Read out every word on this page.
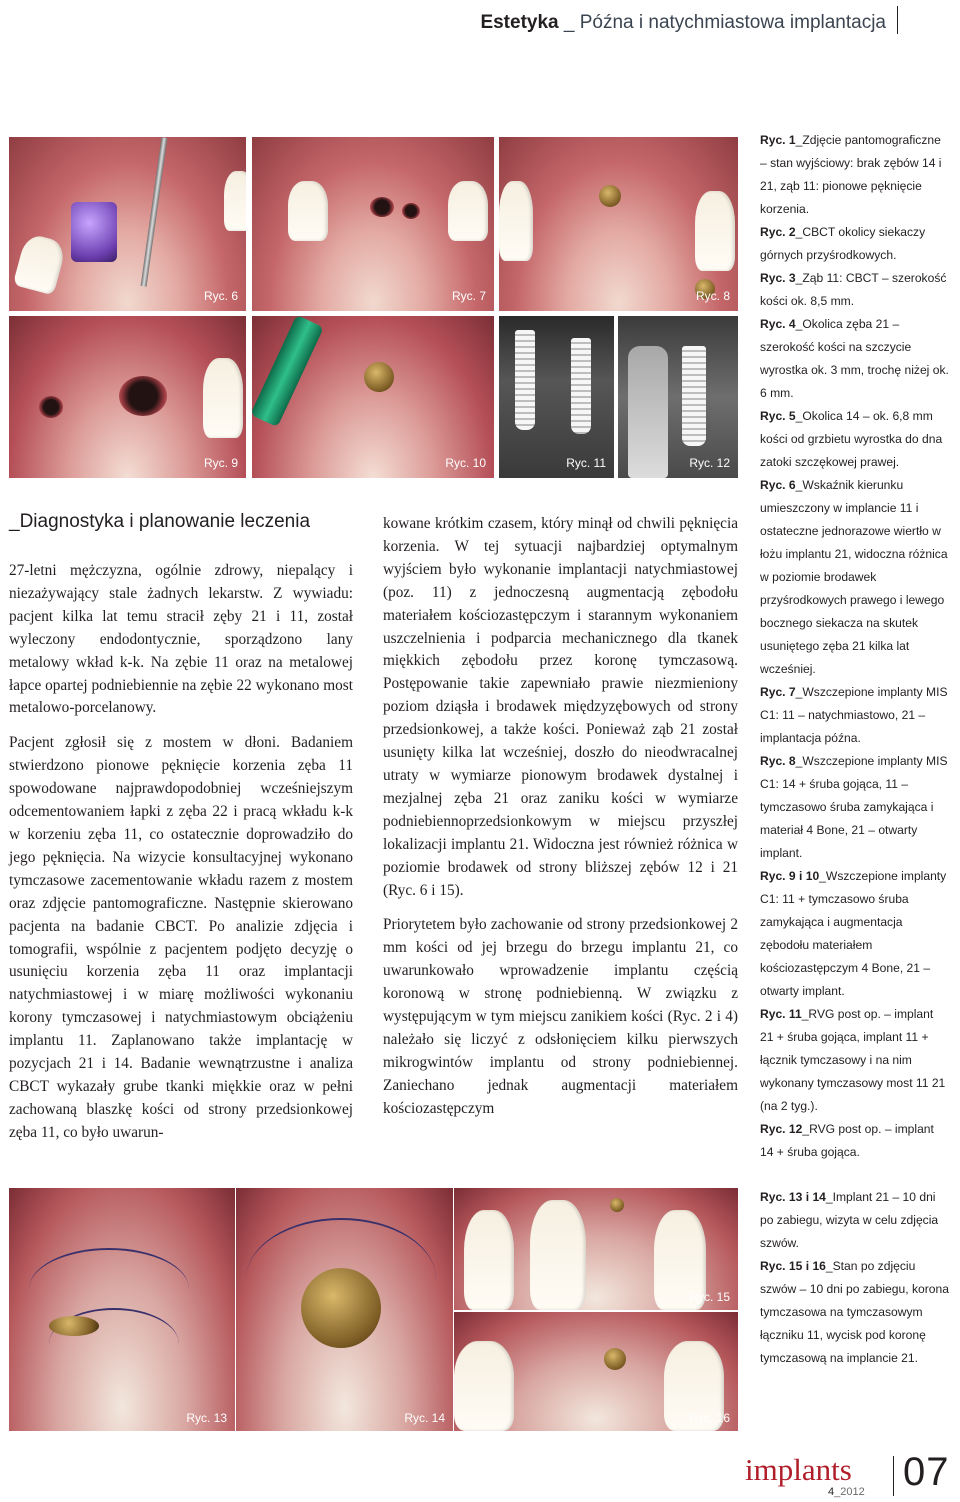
Estetyka _ Późna i natychmiastowa implantacja
Ryc. 6	Ryc. 7	Ryc. 8
Ryc. 9	Ryc. 10	Ryc. 11	Ryc. 12

Ryc. 1_Zdjęcie pantomograficzne – stan wyjściowy: brak zębów 14 i 21, ząb 11: pionowe pęknięcie korzenia.

Ryc. 2_CBCT okolicy siekaczy górnych przyśrodkowych.

Ryc. 3_Ząb 11: CBCT – szerokość kości ok. 8,5 mm.

Ryc. 4_Okolica zęba 21 – szerokość kości na szczycie wyrostka ok. 3 mm, trochę niżej ok. 6 mm.

Ryc. 5_Okolica 14 – ok. 6,8 mm kości od grzbietu wyrostka do dna zatoki szczękowej prawej.

Ryc. 6_Wskaźnik kierunku umieszczony w implancie 11 i ostateczne jednorazowe wiertło w łożu implantu 21, widoczna różnica w poziomie brodawek przyśrodkowych prawego i lewego bocznego siekacza na skutek usuniętego zęba 21 kilka lat wcześniej.

Ryc. 7_Wszczepione implanty MIS C1: 11 – natychmiastowo, 21 – implantacja późna.

Ryc. 8_Wszczepione implanty MIS C1: 14 + śruba gojąca, 11 – tymczasowo śruba zamykająca i materiał 4 Bone, 21 – otwarty implant.

Ryc. 9 i 10_Wszczepione implanty C1: 11 + tymczasowo śruba zamykająca i augmentacja zębodołu materiałem kościozastępczym 4 Bone, 21 – otwarty implant.

Ryc. 11_RVG post op. – implant 21 + śruba gojąca, implant 11 + łącznik tymczasowy i na nim wykonany tymczasowy most 11 21 (na 2 tyg.).

Ryc. 12_RVG post op. – implant 14 + śruba gojąca.

_Diagnostyka i planowanie leczenia

27-letni mężczyzna, ogólnie zdrowy, niepalący i niezażywający stale żadnych lekarstw. Z wywiadu: pacjent kilka lat temu stracił zęby 21 i 11, został wyleczony endodontycznie, sporządzono lany metalowy wkład k-k. Na zębie 11 oraz na metalowej łapce opartej podniebiennie na zębie 22 wykonano most metalowo-porcelanowy.

Pacjent zgłosił się z mostem w dłoni. Badaniem stwierdzono pionowe pęknięcie korzenia zęba 11 spowodowane najprawdopodobniej wcześniejszym odcementowaniem łapki z zęba 22 i pracą wkładu k-k w korzeniu zęba 11, co ostatecznie doprowadziło do jego pęknięcia. Na wizycie konsultacyjnej wykonano tymczasowe zacementowanie wkładu razem z mostem oraz zdjęcie pantomograficzne. Następnie skierowano pacjenta na badanie CBCT. Po analizie zdjęcia i tomografii, wspólnie z pacjentem podjęto decyzję o usunięciu korzenia zęba 11 oraz implantacji natychmiastowej i w miarę możliwości wykonaniu korony tymczasowej i natychmiastowym obciążeniu implantu 11. Zaplanowano także implantację w pozycjach 21 i 14. Badanie wewnątrzustne i analiza CBCT wykazały grube tkanki miękkie oraz w pełni zachowaną blaszkę kości od strony przedsionkowej zęba 11, co było uwarun-

kowane krótkim czasem, który minął od chwili pęknięcia korzenia. W tej sytuacji najbardziej optymalnym wyjściem było wykonanie implantacji natychmiastowej (poz. 11) z jednoczesną augmentacją zębodołu materiałem kościozastępczym i starannym wykonaniem uszczelnienia i podparcia mechanicznego dla tkanek miękkich zębodołu przez koronę tymczasową. Postępowanie takie zapewniało prawie niezmieniony poziom dziąsła i brodawek międzyzębowych od strony przedsionkowej, a także kości. Ponieważ ząb 21 został usunięty kilka lat wcześniej, doszło do nieodwracalnej utraty w wymiarze pionowym brodawek dystalnej i mezjalnej zęba 21 oraz zaniku kości w wymiarze podniebiennoprzedsionkowym w miejscu przyszłej lokalizacji implantu 21. Widoczna jest również różnica w poziomie brodawek od strony bliższej zębów 12 i 21 (Ryc. 6 i 15).

Priorytetem było zachowanie od strony przedsionkowej 2 mm kości od jej brzegu do brzegu implantu 21, co uwarunkowało wprowadzenie implantu częścią koronową w stronę podniebienną. W związku z występującym w tym miejscu zanikiem kości (Ryc. 2 i 4) należało się liczyć z odsłonięciem kilku pierwszych mikrogwintów implantu od strony podniebiennej. Zaniechano jednak augmentacji materiałem kościozastępczym

Ryc. 13	Ryc. 14
Ryc. 15
Ryc. 16

Ryc. 13 i 14_Implant 21 – 10 dni po zabiegu, wizyta w celu zdjęcia szwów.

Ryc. 15 i 16_Stan po zdjęciu szwów – 10 dni po zabiegu, korona tymczasowa na tymczasowym łączniku 11, wycisk pod koronę tymczasową na implancie 21.

implants
4_2012 07
